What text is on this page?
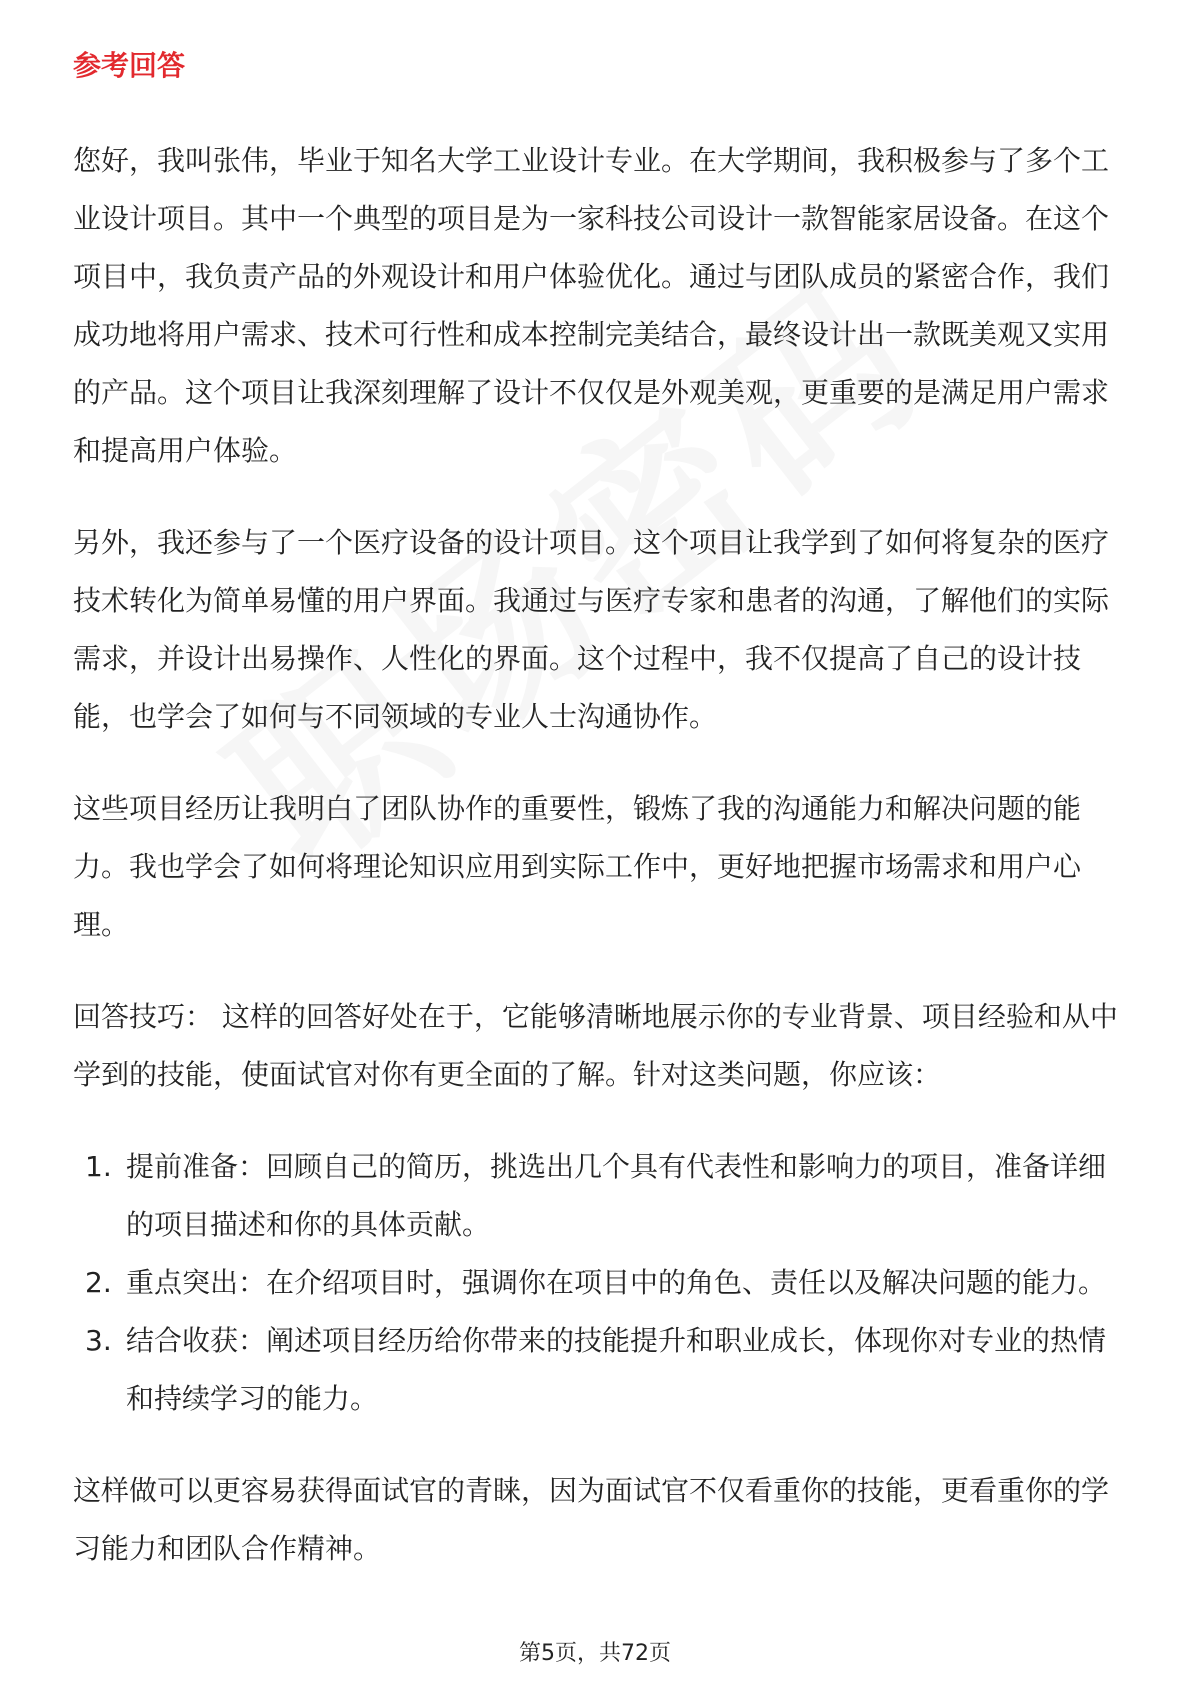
参考回答

您好，我叫张伟，毕业于知名大学工业设计专业。在大学期间，我积极参与了多个工业设计项目。其中一个典型的项目是为一家科技公司设计一款智能家居设备。在这个项目中，我负责产品的外观设计和用户体验优化。通过与团队成员的紧密合作，我们成功地将用户需求、技术可行性和成本控制完美结合，最终设计出一款既美观又实用的产品。这个项目让我深刻理解了设计不仅仅是外观美观，更重要的是满足用户需求和提高用户体验。

另外，我还参与了一个医疗设备的设计项目。这个项目让我学到了如何将复杂的医疗技术转化为简单易懂的用户界面。我通过与医疗专家和患者的沟通，了解他们的实际需求，并设计出易操作、人性化的界面。这个过程中，我不仅提高了自己的设计技能，也学会了如何与不同领域的专业人士沟通协作。

这些项目经历让我明白了团队协作的重要性，锻炼了我的沟通能力和解决问题的能力。我也学会了如何将理论知识应用到实际工作中，更好地把握市场需求和用户心理。

回答技巧： 这样的回答好处在于，它能够清晰地展示你的专业背景、项目经验和从中学到的技能，使面试官对你有更全面的了解。针对这类问题，你应该：

1. 提前准备：回顾自己的简历，挑选出几个具有代表性和影响力的项目，准备详细的项目描述和你的具体贡献。
2. 重点突出：在介绍项目时，强调你在项目中的角色、责任以及解决问题的能力。
3. 结合收获：阐述项目经历给你带来的技能提升和职业成长，体现你对专业的热情和持续学习的能力。

这样做可以更容易获得面试官的青睐，因为面试官不仅看重你的技能，更看重你的学习能力和团队合作精神。

第5页，共72页
